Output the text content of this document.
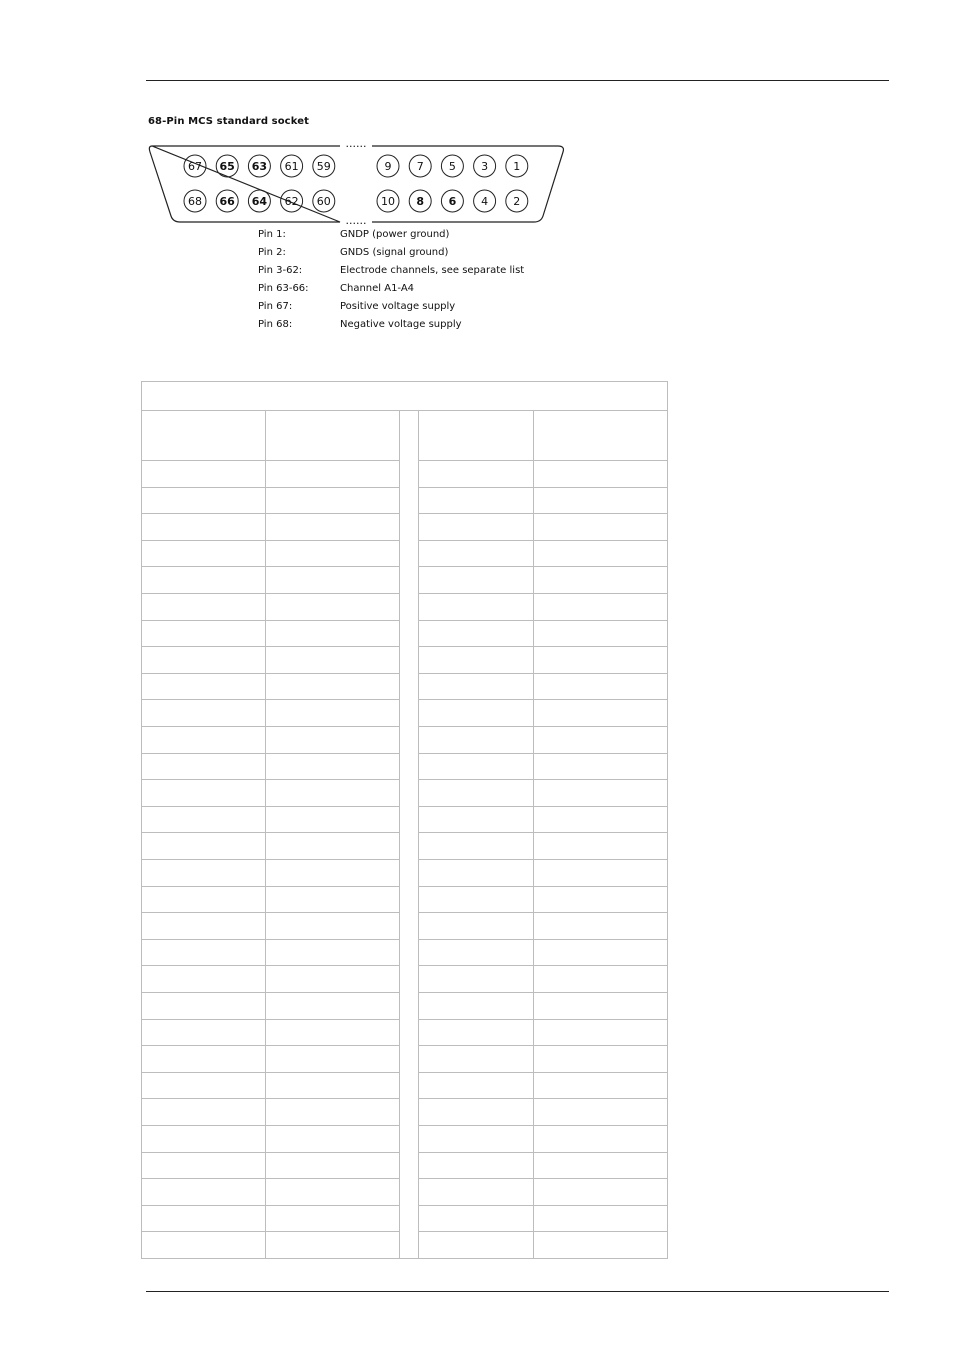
68-Pin MCS standard socket
......
......
67 65 63 61 59	9 7 5 3 1
68 66 64 62 60	10 8 6 4 2
Pin 1:	GNDP (power ground)
Pin 2:	GNDS (signal ground)
Pin 3-62:	Electrode channels, see separate list
Pin 63-66:	Channel A1-A4
Pin 67:	Positive voltage supply
Pin 68:	Negative voltage supply
